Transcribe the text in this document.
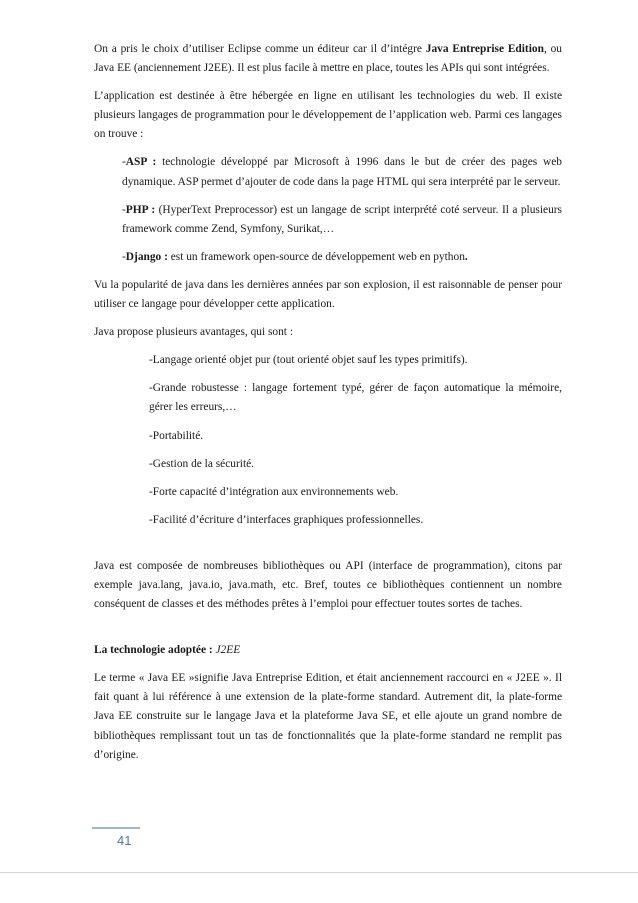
On a pris le choix d’utiliser Eclipse comme un éditeur car il d’intégre Java Entreprise Edition, ou Java EE (anciennement J2EE). Il est plus facile à mettre en place, toutes les APIs qui sont intégrées.

L’application est destinée à être hébergée en ligne en utilisant les technologies du web. Il existe plusieurs langages de programmation pour le développement de l’application web. Parmi ces langages on trouve :

-ASP : technologie développé par Microsoft à 1996 dans le but de créer des pages web dynamique. ASP permet d’ajouter de code dans la page HTML qui sera interprété par le serveur.

-PHP : (HyperText Preprocessor) est un langage de script interprété coté serveur. Il a plusieurs framework comme Zend, Symfony, Surikat,…

-Django : est un framework open-source de développement web en python.

Vu la popularité de java dans les dernières années par son explosion, il est raisonnable de penser pour utiliser ce langage pour développer cette application.

Java propose plusieurs avantages, qui sont :

-Langage orienté objet pur (tout orienté objet sauf les types primitifs).

-Grande robustesse : langage fortement typé, gérer de façon automatique la mémoire, gérer les erreurs,…

-Portabilité.

-Gestion de la sécurité.

-Forte capacité d’intégration aux environnements web.

-Facilité d’écriture d’interfaces graphiques professionnelles.

Java est composée de nombreuses bibliothèques ou API (interface de programmation), citons par exemple java.lang, java.io, java.math, etc. Bref, toutes ce bibliothèques contiennent un nombre conséquent de classes et des méthodes prêtes à l’emploi pour effectuer toutes sortes de taches.

La technologie adoptée : J2EE

Le terme « Java EE »signifie Java Entreprise Edition, et était anciennement raccourci en « J2EE ». Il fait quant à lui référence à une extension de la plate-forme standard. Autrement dit, la plate-forme Java EE construite sur le langage Java et la plateforme Java SE, et elle ajoute un grand nombre de bibliothèques remplissant tout un tas de fonctionnalités que la plate-forme standard ne remplit pas d’origine.

41
